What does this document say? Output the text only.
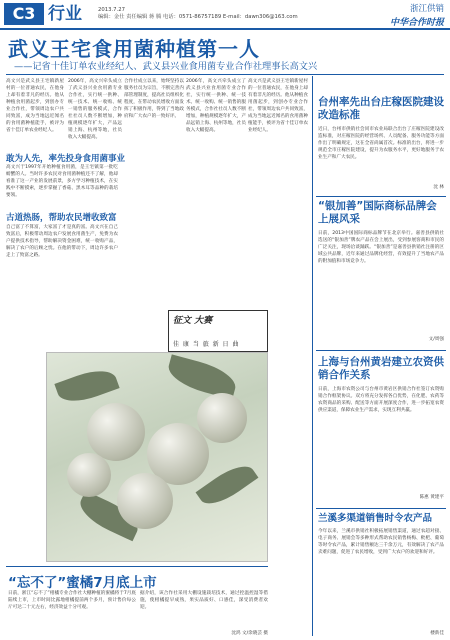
C3 行业	2013.7.27
编辑：金仕 责任编辑 蒋 腾 电话：0571-86757189 E-mail：dawn306@163.com
浙江供销
中华合作时报
武义王宅食用菌种植第一人
——记省十佳订单农业经纪人、武义县兴业食用菌专业合作社理事长高文兴
高文兴是武义县王宅镇新屋村的一位普通农民，在他身上却有着非凡的经历。他从种植食用菌起步，到创办专业合作社，带领周边农户共同致富，成为当地远近闻名的食用菌种植能手，被评为省十佳订单农业经纪人。
敢为人先，率先投身食用菌事业
高文兴于1997年开始种植食用菌，是王宅镇第一批吃螃蟹的人。当时许多农民对食用菌种植还不了解，他却看准了这一产业的发展前景，多方学习种植技术，在实践中不断摸索，逐步掌握了香菇、黑木耳等品种的栽培要领。
古道热肠，帮助农民增收致富
自己富了不算富，大家富了才是真的富。高文兴在自己致富后，积极带动周边农户发展食用菌生产，免费为农户提供技术指导，帮助解决资金困难，统一收购产品，解决了农户的后顾之忧。在他的带动下，周边许多农户走上了致富之路。
2006年，高文兴牵头成立了武义县兴业食用菌专业合作社，实行统一供种、统一技术、统一收购、统一销售的服务模式，合作社社员人数不断增加，种植规模逐年扩大，产品远销上海、杭州等地，社员收入大幅提高。
合作社成立以来，始终坚持以服务社员为宗旨，不断完善内部管理制度，提高社员组织化程度，在带动农民增收方面发挥了积极作用，得到了当地政府和广大农户的一致好评。
2006年，高文兴牵头成立了武义县兴业食用菌专业合作社，实行统一供种、统一技术、统一收购、统一销售的服务模式，合作社社员人数不断增加，种植规模逐年扩大，产品远销上海、杭州等地，社员收入大幅提高。
高文兴是武义县王宅镇新屋村的一位普通农民，在他身上却有着非凡的经历。他从种植食用菌起步，到创办专业合作社，带领周边农户共同致富，成为当地远近闻名的食用菌种植能手，被评为省十佳订单农业经纪人。
征文 大赛
佳 康 当 旅 新 日 曲
“忘不了”蜜橘7月底上市
日前，浙江“忘不了”柑橘专业合作社大棚种植的蜜橘将于7月底陆续上市，上市时间比露地柑橘提前两个多月，预计售价每公斤可达二十元左右，经济效益十分可观。
据介绍，该合作社采用大棚设施栽培技术，通过控温控湿等措施，使柑橘提早成熟，果实品质好、口感佳，深受消费者欢迎。
沈鸿 文/余晓芸 摄
台州率先出台庄稼医院建设改造标准
近日，台州市供销社会同市农业局联合出台了庄稼医院建设改造标准，对庄稼医院的经营场所、人员配备、服务功能等方面作出了明确规定，这在全省尚属首次。标准的出台，将进一步规范全市庄稼医院建设，提升为农服务水平，更好地服务于农业生产和广大农民。
沈 林
“银加善”国际商标品牌会上展风采
日前，2013中国国际商标品牌节在北京举行。嘉善县供销社选送的“银加善”牌农产品在会上展出，受到参展客商和市民的广泛关注，现场洽谈踊跃。“银加善”是嘉善县供销社注册的区域公共品牌，近年来通过品牌化经营，有效提升了当地农产品的附加值和市场竞争力。
文/周强
上海与台州黄岩建立农资供销合作关系
日前，上海市农资公司与台州市黄岩区供销合作社签订农资购销合作框架协议。双方将充分发挥各自优势，在化肥、农药等农资商品的采购、配送等方面开展深度合作，进一步拓宽农资供应渠道，保障农业生产需求，实现互利共赢。
陈惠 黄建平
兰溪多渠道销售时令农产品
今年以来，兰溪市供销社积极拓展销售渠道，通过农超对接、电子商务、展销会等多种形式帮助农民销售杨梅、枇杷、葡萄等时令农产品，累计销售额达三千余万元，有效解决了农产品卖难问题，促进了农民增收，受到广大农户的欢迎和好评。
楼新佳
